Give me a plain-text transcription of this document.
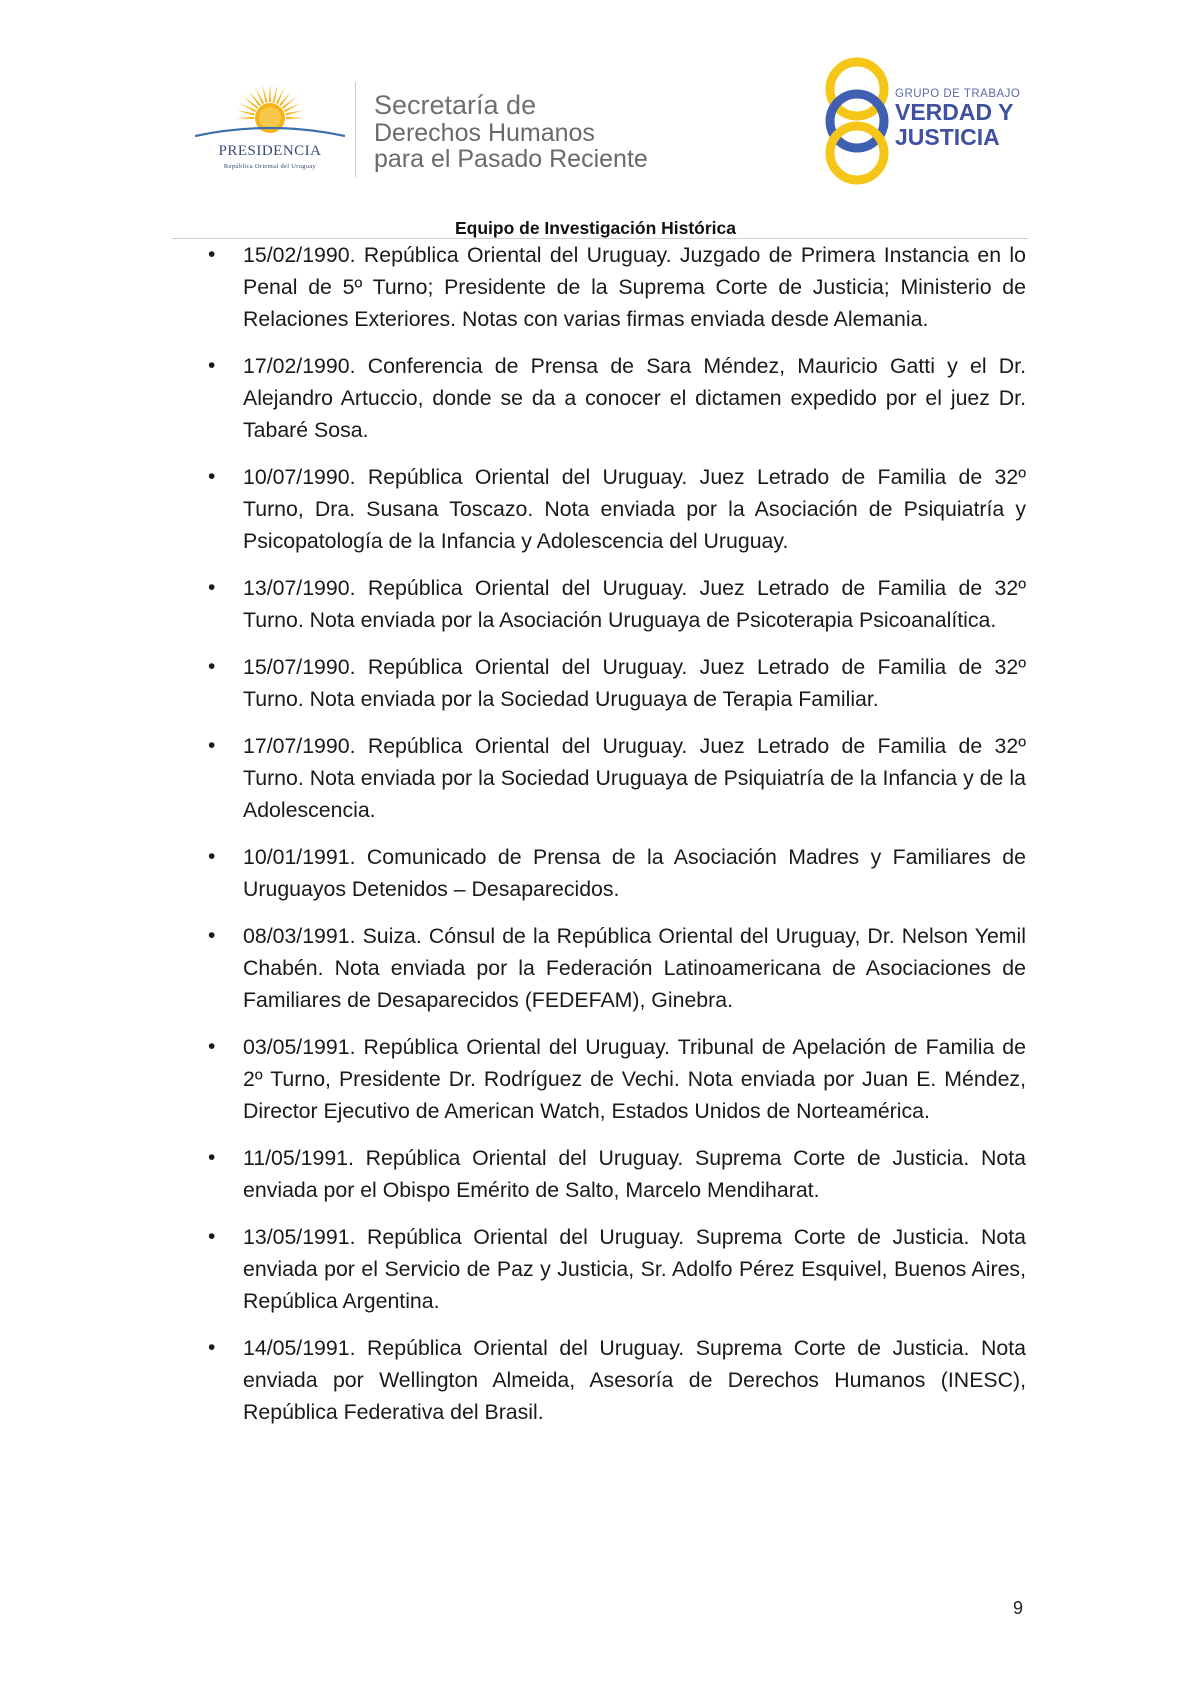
PRESIDENCIA
República Oriental del Uruguay
Secretaría de
Derechos Humanos
para el Pasado Reciente
GRUPO DE TRABAJO
VERDAD Y
JUSTICIA
Equipo de Investigación Histórica
• 15/02/1990. República Oriental del Uruguay. Juzgado de Primera Instancia en lo Penal de 5º Turno; Presidente de la Suprema Corte de Justicia; Ministerio de Relaciones Exteriores. Notas con varias firmas enviada desde Alemania.
• 17/02/1990. Conferencia de Prensa de Sara Méndez, Mauricio Gatti y el Dr. Alejandro Artuccio, donde se da a conocer el dictamen expedido por el juez Dr. Tabaré Sosa.
• 10/07/1990. República Oriental del Uruguay. Juez Letrado de Familia de 32º Turno, Dra. Susana Toscazo. Nota enviada por la Asociación de Psiquiatría y Psicopatología de la Infancia y Adolescencia del Uruguay.
• 13/07/1990. República Oriental del Uruguay. Juez Letrado de Familia de 32º Turno. Nota enviada por la Asociación Uruguaya de Psicoterapia Psicoanalítica.
• 15/07/1990. República Oriental del Uruguay. Juez Letrado de Familia de 32º Turno. Nota enviada por la Sociedad Uruguaya de Terapia Familiar.
• 17/07/1990. República Oriental del Uruguay. Juez Letrado de Familia de 32º Turno. Nota enviada por la Sociedad Uruguaya de Psiquiatría de la Infancia y de la Adolescencia.
• 10/01/1991. Comunicado de Prensa de la Asociación Madres y Familiares de Uruguayos Detenidos – Desaparecidos.
• 08/03/1991. Suiza. Cónsul de la República Oriental del Uruguay, Dr. Nelson Yemil Chabén. Nota enviada por la Federación Latinoamericana de Asociaciones de Familiares de Desaparecidos (FEDEFAM), Ginebra.
• 03/05/1991. República Oriental del Uruguay. Tribunal de Apelación de Familia de 2º Turno, Presidente Dr. Rodríguez de Vechi. Nota enviada por Juan E. Méndez, Director Ejecutivo de American Watch, Estados Unidos de Norteamérica.
• 11/05/1991. República Oriental del Uruguay. Suprema Corte de Justicia. Nota enviada por el Obispo Emérito de Salto, Marcelo Mendiharat.
• 13/05/1991. República Oriental del Uruguay. Suprema Corte de Justicia. Nota enviada por el Servicio de Paz y Justicia, Sr. Adolfo Pérez Esquivel, Buenos Aires, República Argentina.
• 14/05/1991. República Oriental del Uruguay. Suprema Corte de Justicia. Nota enviada por Wellington Almeida, Asesoría de Derechos Humanos (INESC), República Federativa del Brasil.
9
